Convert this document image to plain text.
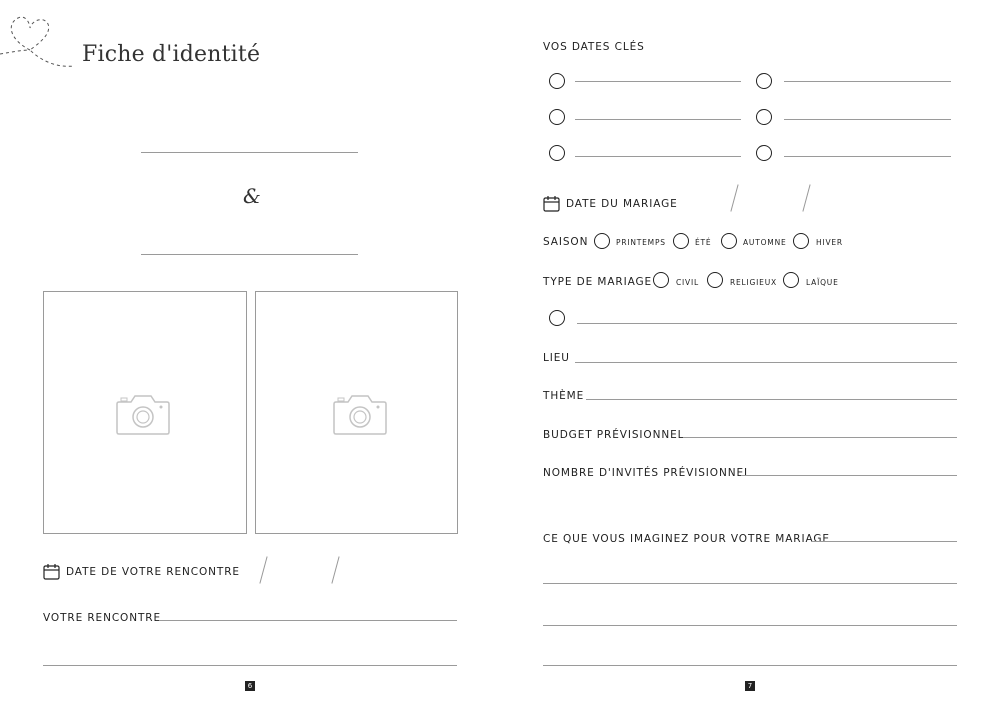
Fiche d'identité
&
DATE DE VOTRE RENCONTRE
VOTRE RENCONTRE
6
VOS DATES CLÉS
DATE DU MARIAGE
SAISON	PRINTEMPS	ÉTÉ	AUTOMNE	HIVER
TYPE DE MARIAGE	CIVIL	RELIGIEUX	LAÏQUE
LIEU
THÈME
BUDGET PRÉVISIONNEL
NOMBRE D'INVITÉS PRÉVISIONNEL
CE QUE VOUS IMAGINEZ POUR VOTRE MARIAGE
7
